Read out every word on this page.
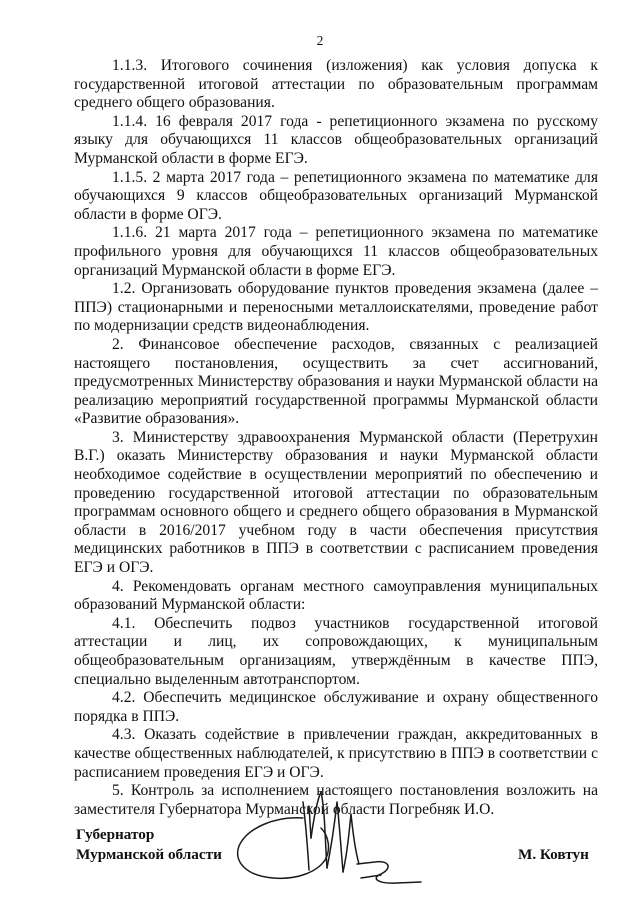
2

1.1.3. Итогового сочинения (изложения) как условия допуска к государственной итоговой аттестации по образовательным программам среднего общего образования.

1.1.4. 16 февраля 2017 года - репетиционного экзамена по русскому языку для обучающихся 11 классов общеобразовательных организаций Мурманской области в форме ЕГЭ.

1.1.5. 2 марта 2017 года – репетиционного экзамена по математике для обучающихся 9 классов общеобразовательных организаций Мурманской области в форме ОГЭ.

1.1.6. 21 марта 2017 года – репетиционного экзамена по математике профильного уровня для обучающихся 11 классов общеобразовательных организаций Мурманской области в форме ЕГЭ.

1.2. Организовать оборудование пунктов проведения экзамена (далее – ППЭ) стационарными и переносными металлоискателями, проведение работ по модернизации средств видеонаблюдения.

2. Финансовое обеспечение расходов, связанных с реализацией настоящего постановления, осуществить за счет ассигнований, предусмотренных Министерству образования и науки Мурманской области на реализацию мероприятий государственной программы Мурманской области «Развитие образования».

3. Министерству здравоохранения Мурманской области (Перетрухин В.Г.) оказать Министерству образования и науки Мурманской области необходимое содействие в осуществлении мероприятий по обеспечению и проведению государственной итоговой аттестации по образовательным программам основного общего и среднего общего образования в Мурманской области в 2016/2017 учебном году в части обеспечения присутствия медицинских работников в ППЭ в соответствии с расписанием проведения ЕГЭ и ОГЭ.

4. Рекомендовать органам местного самоуправления муниципальных образований Мурманской области:

4.1. Обеспечить подвоз участников государственной итоговой аттестации и лиц, их сопровождающих, к муниципальным общеобразовательным организациям, утверждённым в качестве ППЭ, специально выделенным автотранспортом.

4.2. Обеспечить медицинское обслуживание и охрану общественного порядка в ППЭ.

4.3. Оказать содействие в привлечении граждан, аккредитованных в качестве общественных наблюдателей, к присутствию в ППЭ в соответствии с расписанием проведения ЕГЭ и ОГЭ.

5. Контроль за исполнением настоящего постановления возложить на заместителя Губернатора Мурманской области Погребняк И.О.

Губернатор
Мурманской области	М. Ковтун
